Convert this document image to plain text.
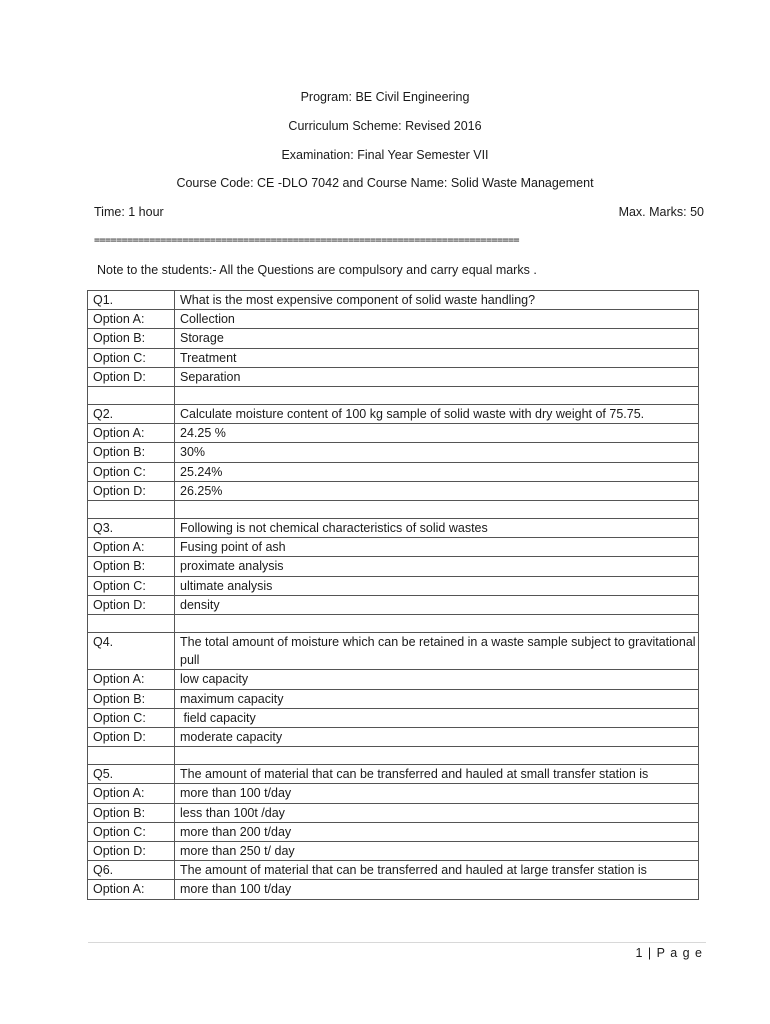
Program: BE Civil Engineering
Curriculum Scheme: Revised 2016
Examination: Final Year Semester VII
Course Code: CE -DLO 7042 and Course Name: Solid Waste Management
Time: 1 hour	Max. Marks: 50
=============================================================================
Note to the students:- All the Questions are compulsory and carry equal marks .
Q1.	What is the most expensive component of solid waste handling?
Option A:	Collection
Option B:	Storage
Option C:	Treatment
Option D:	Separation

Q2.	Calculate moisture content of 100 kg sample of solid waste with dry weight of 75.75.
Option A:	24.25 %
Option B:	30%
Option C:	25.24%
Option D:	26.25%

Q3.	Following is not chemical characteristics of solid wastes
Option A:	Fusing point of ash
Option B:	proximate analysis
Option C:	ultimate analysis
Option D:	density

Q4.	The total amount of moisture which can be retained in a waste sample subject to gravitational pull
Option A:	low capacity
Option B:	maximum capacity
Option C:	field capacity
Option D:	moderate capacity

Q5.	The amount of material that can be transferred and hauled at small transfer station is
Option A:	more than 100 t/day
Option B:	less than 100t /day
Option C:	more than 200 t/day
Option D:	more than 250 t/ day
Q6.	The amount of material that can be transferred and hauled at large transfer station is
Option A:	more than 100 t/day
1 | P a g e
